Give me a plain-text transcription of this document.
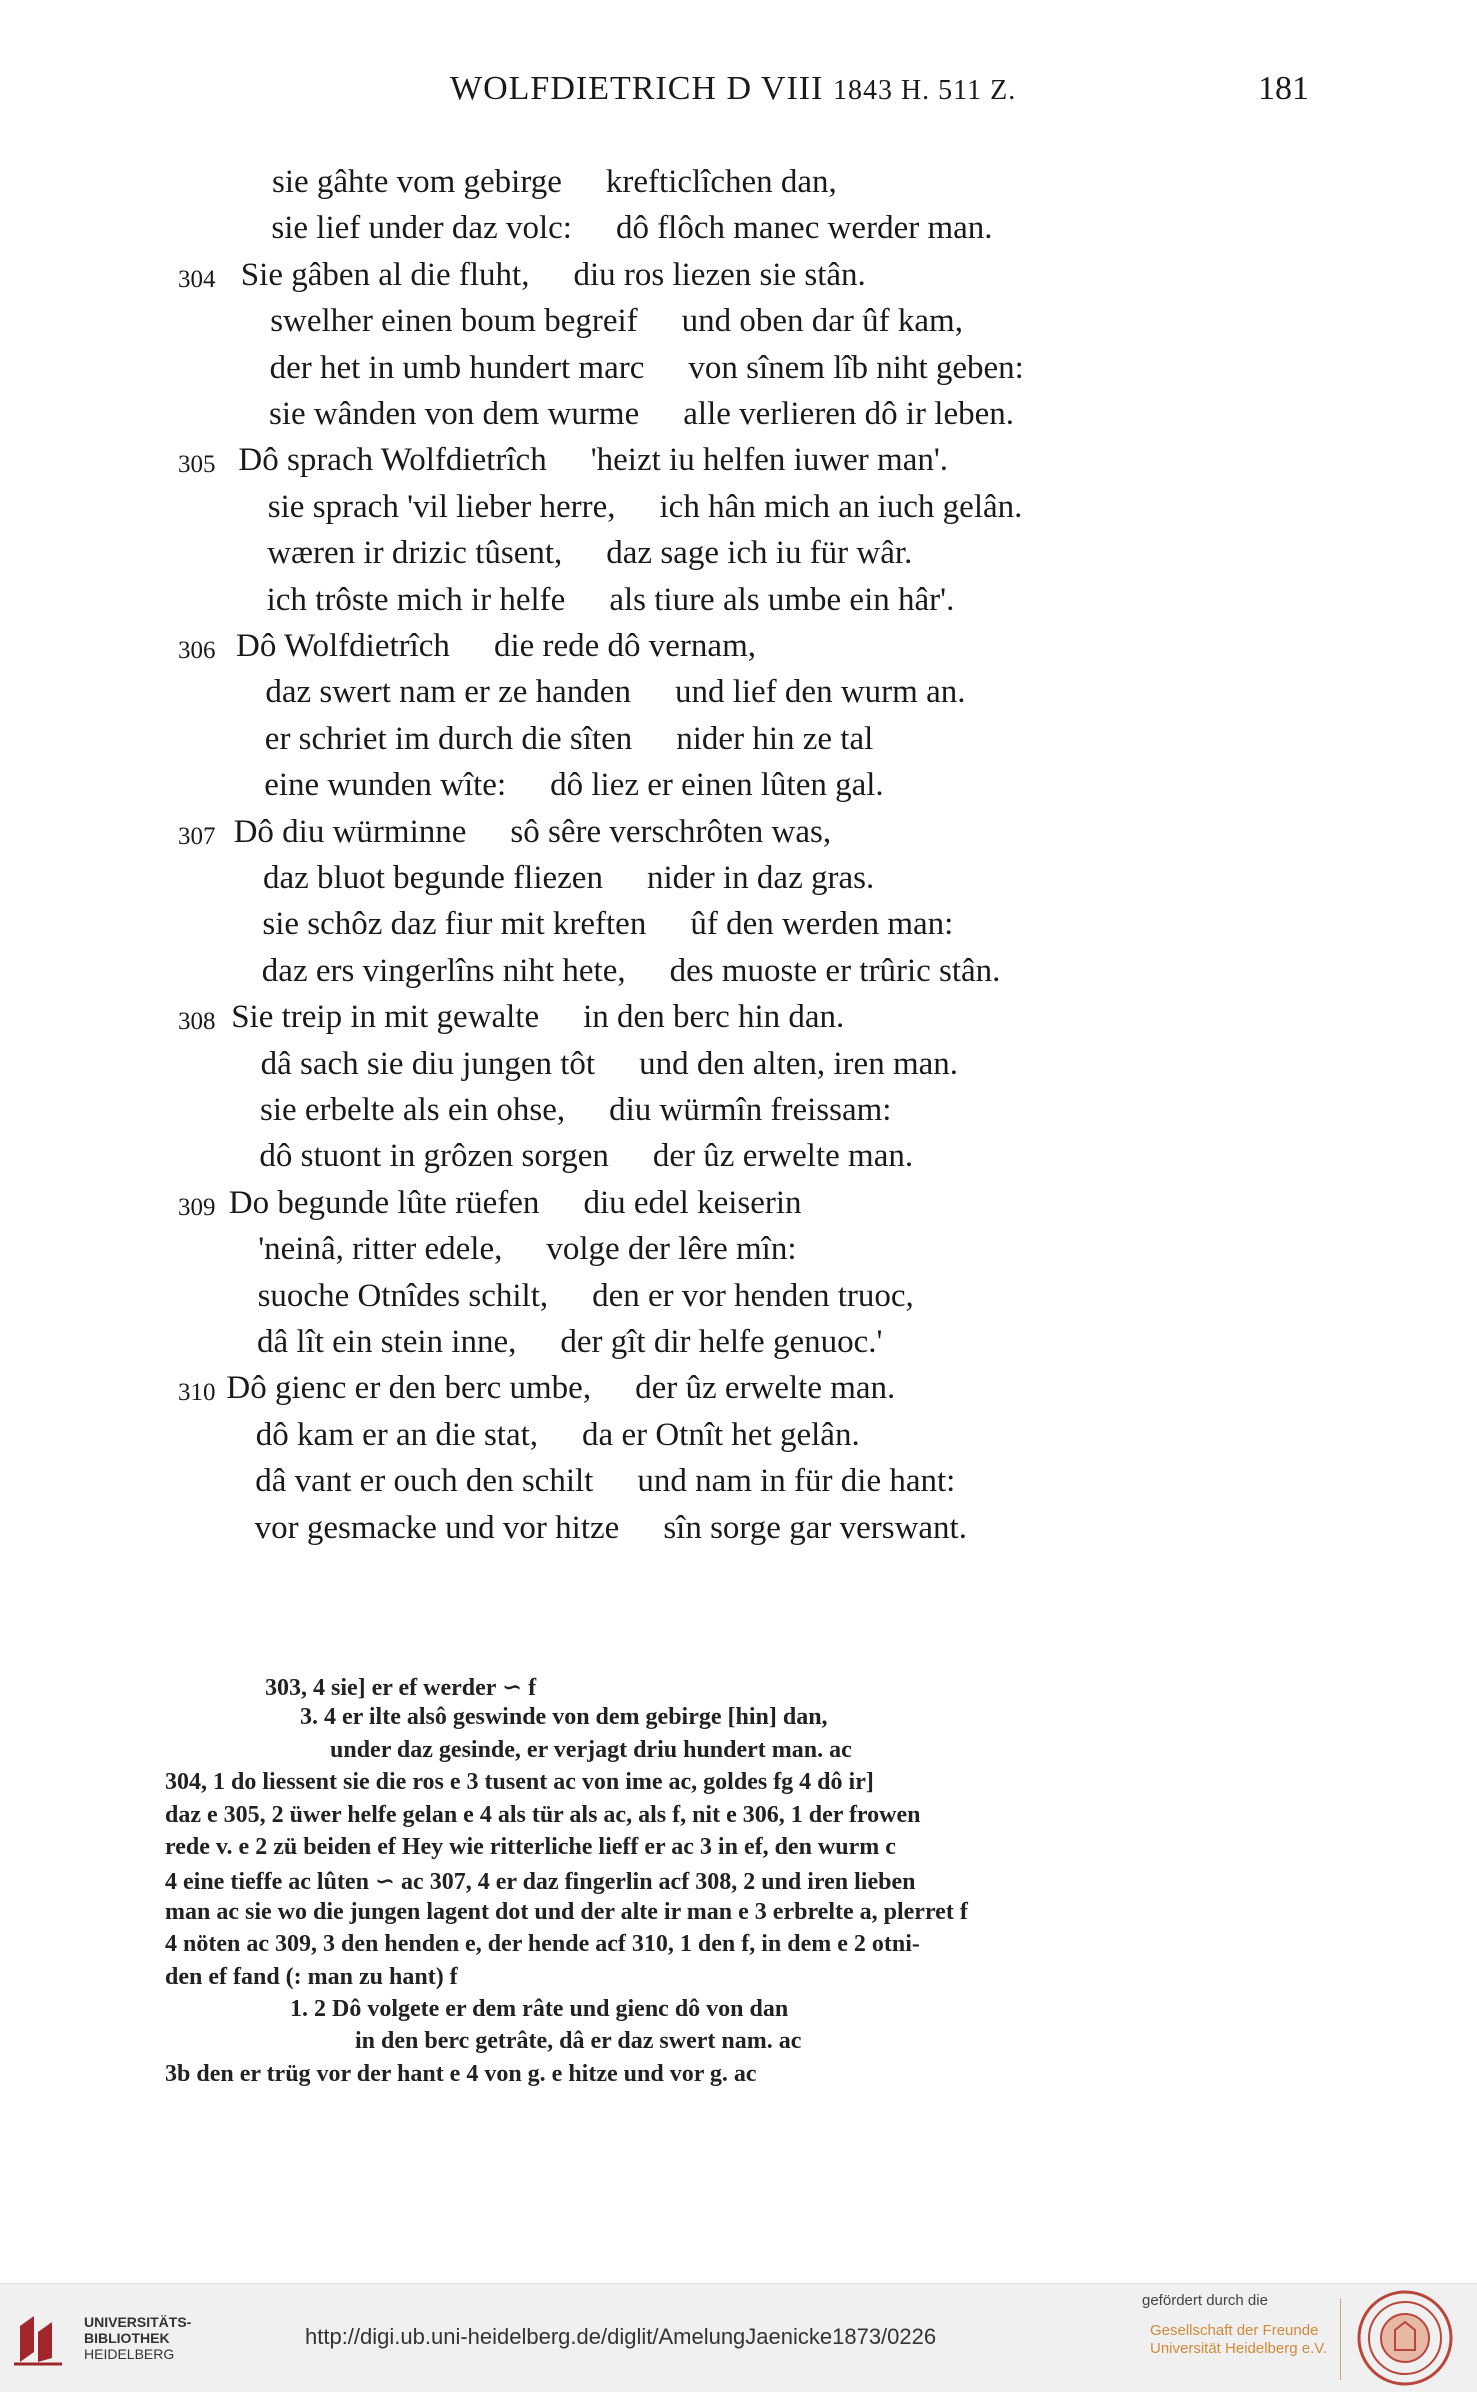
WOLFDIETRICH D VIII 1843 H. 511 Z.	181
sie gâhte vom gebirge krefticlîchen dan,
sie lief under daz volc: dô flôch manec werder man.
304 Sie gâben al die fluht, diu ros liezen sie stân.
swelher einen boum begreif und oben dar ûf kam,
der het in umb hundert marc von sînem lîb niht geben:
sie wânden von dem wurme alle verlieren dô ir leben.
305 Dô sprach Wolfdietrîch 'heizt iu helfen iuwer man'.
sie sprach 'vil lieber herre, ich hân mich an iuch gelân.
wæren ir drizic tûsent, daz sage ich iu für wâr.
ich trôste mich ir helfe als tiure als umbe ein hâr'.
306 Dô Wolfdietrîch die rede dô vernam,
daz swert nam er ze handen und lief den wurm an.
er schriet im durch die sîten nider hin ze tal
eine wunden wîte: dô liez er einen lûten gal.
307 Dô diu würminne sô sêre verschrôten was,
daz bluot begunde fliezen nider in daz gras.
sie schôz daz fiur mit kreften ûf den werden man:
daz ers vingerlîns niht hete, des muoste er trûric stân.
308 Sie treip in mit gewalte in den berc hin dan.
dâ sach sie diu jungen tôt und den alten, iren man.
sie erbelte als ein ohse, diu würmîn freissam:
dô stuont in grôzen sorgen der ûz erwelte man.
309 Do begunde lûte rüefen diu edel keiserin
'neinâ, ritter edele, volge der lêre mîn:
suoche Otnîdes schilt, den er vor henden truoc,
dâ lît ein stein inne, der gît dir helfe genuoc.'
310 Dô gienc er den berc umbe, der ûz erwelte man.
dô kam er an die stat, da er Otnît het gelân.
dâ vant er ouch den schilt und nam in für die hant:
vor gesmacke und vor hitze sîn sorge gar verswant.
303, 4 sie] er ef werder ∽ f
3. 4 er ilte alsô geswinde von dem gebirge [hin] dan,
under daz gesinde, er verjagt driu hundert man. ac
304, 1 do liessent sie die ros e 3 tusent ac von ime ac, goldes fg 4 dô ir]
daz e 305, 2 üwer helfe gelan e 4 als tür als ac, als f, nit e 306, 1 der frowen
rede v. e 2 zü beiden ef Hey wie ritterliche lieff er ac 3 in ef, den wurm c
4 eine tieffe ac lûten ∽ ac 307, 4 er daz fingerlin acf 308, 2 und iren lieben
man ac sie wo die jungen lagent dot und der alte ir man e 3 erbrelte a, plerret f
4 nöten ac 309, 3 den henden e, der hende acf 310, 1 den f, in dem e 2 otni-
den ef fand (: man zu hant) f
1. 2 Dô volgete er dem râte und gienc dô von dan
in den berc getrâte, dâ er daz swert nam. ac
3b den er trüg vor der hant e 4 von g. e hitze und vor g. ac
UNIVERSITÄTS-
BIBLIOTHEK
HEIDELBERG
http://digi.ub.uni-heidelberg.de/diglit/AmelungJaenicke1873/0226
gefördert durch die
Gesellschaft der Freunde
Universität Heidelberg e.V.
